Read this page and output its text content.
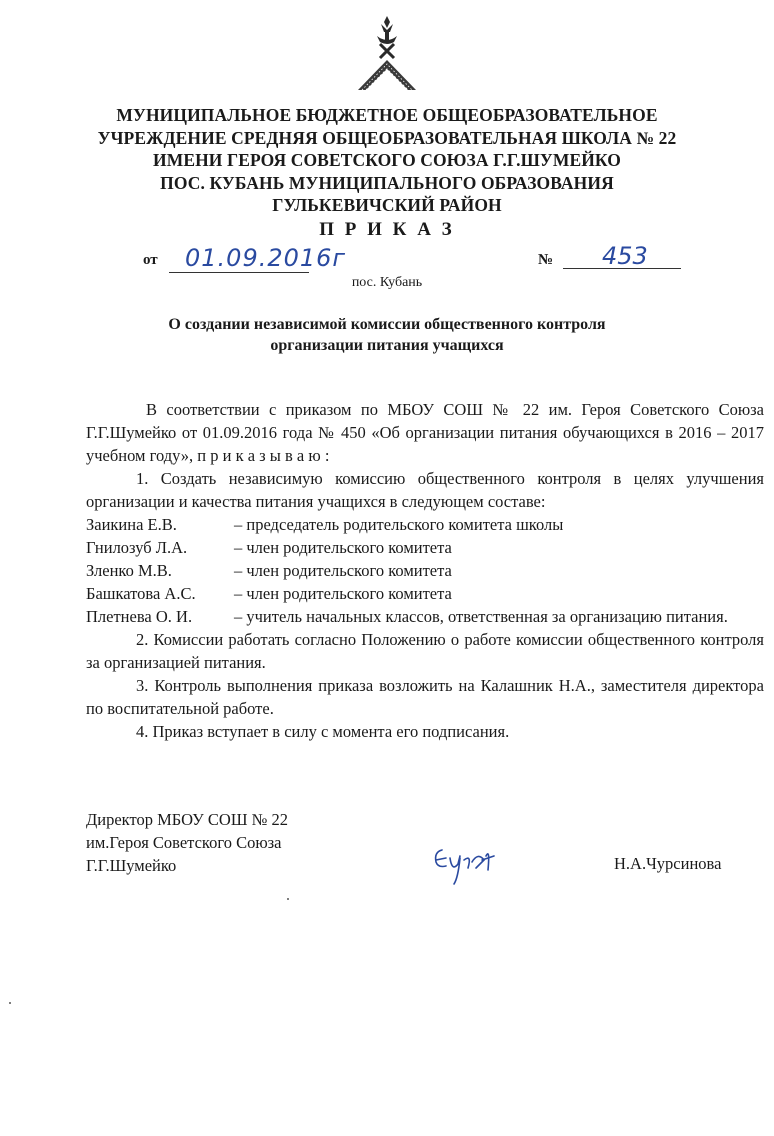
МУНИЦИПАЛЬНОЕ БЮДЖЕТНОЕ ОБЩЕОБРАЗОВАТЕЛЬНОЕ
УЧРЕЖДЕНИЕ СРЕДНЯЯ ОБЩЕОБРАЗОВАТЕЛЬНАЯ ШКОЛА № 22
ИМЕНИ ГЕРОЯ СОВЕТСКОГО СОЮЗА Г.Г.ШУМЕЙКО
ПОС. КУБАНЬ МУНИЦИПАЛЬНОГО ОБРАЗОВАНИЯ
ГУЛЬКЕВИЧСКИЙ РАЙОН
П Р И К А З
от 01.09.2016г	№ 453
пос. Кубань
О создании независимой комиссии общественного контроля
организации питания учащихся

В соответствии с приказом по МБОУ СОШ № 22 им. Героя Советского Союза Г.Г.Шумейко от 01.09.2016 года № 450 «Об организации питания обучающихся в 2016 – 2017 учебном году», п р и к а з ы в а ю :

1. Создать независимую комиссию общественного контроля в целях улучшения организации и качества питания учащихся в следующем составе:

Заикина Е.В.	– председатель родительского комитета школы
Гнилозуб Л.А.	– член родительского комитета
Зленко М.В.	– член родительского комитета
Башкатова А.С.	– член родительского комитета
Плетнева О. И.	– учитель начальных классов, ответственная за организацию питания.

2. Комиссии работать согласно Положению о работе комиссии общественного контроля за организацией питания.

3. Контроль выполнения приказа возложить на Калашник Н.А., заместителя директора по воспитательной работе.

4. Приказ вступает в силу с момента его подписания.

Директор МБОУ СОШ № 22
им.Героя Советского Союза
Г.Г.Шумейко	Н.А.Чурсинова
